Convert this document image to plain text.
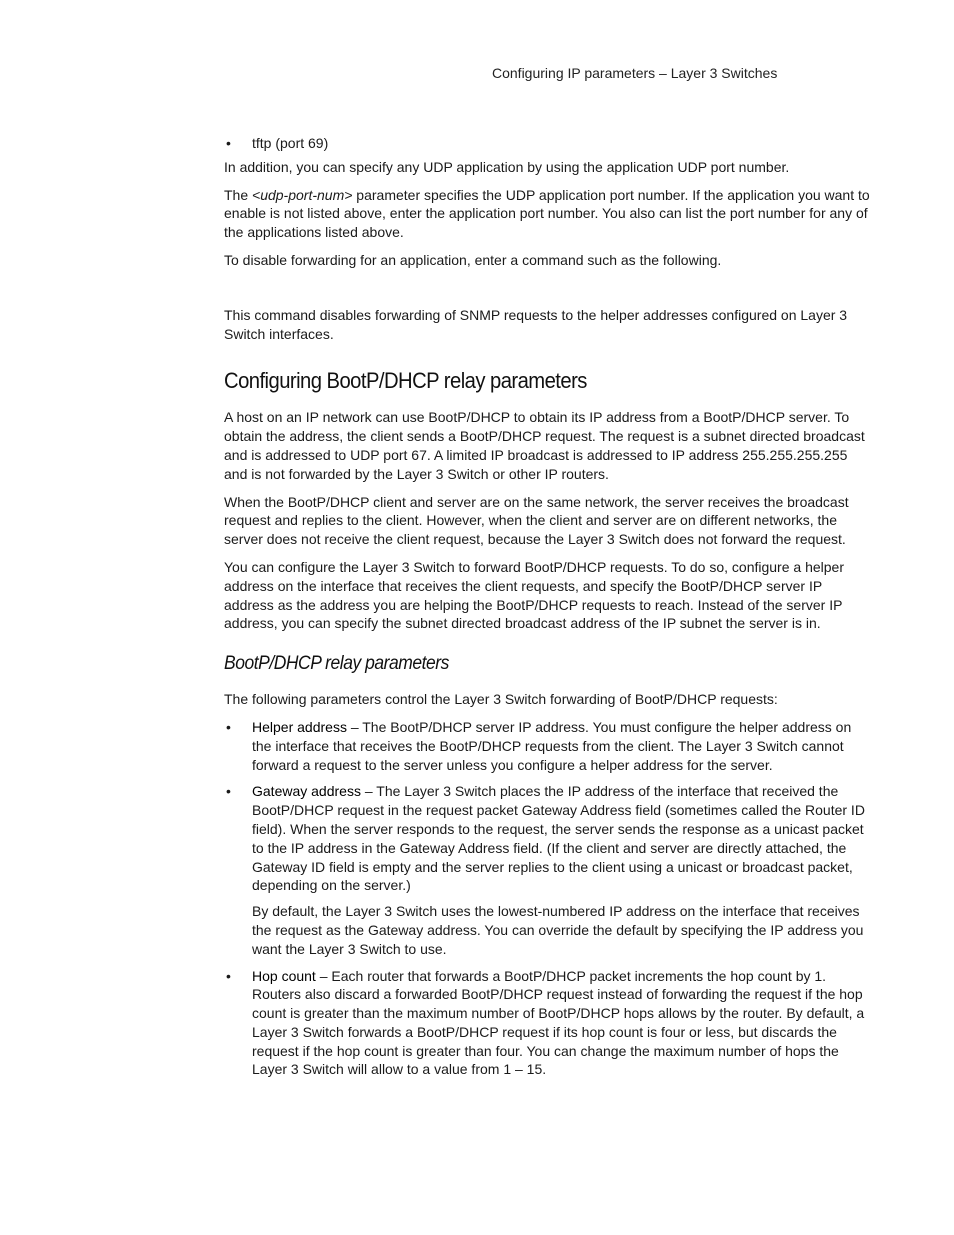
Configuring IP parameters – Layer 3 Switches
• tftp (port 69)

In addition, you can specify any UDP application by using the application UDP port number.

The <udp-port-num> parameter specifies the UDP application port number. If the application you want to enable is not listed above, enter the application port number. You also can list the port number for any of the applications listed above.

To disable forwarding for an application, enter a command such as the following.

This command disables forwarding of SNMP requests to the helper addresses configured on Layer 3 Switch interfaces.

Configuring BootP/DHCP relay parameters

A host on an IP network can use BootP/DHCP to obtain its IP address from a BootP/DHCP server. To obtain the address, the client sends a BootP/DHCP request. The request is a subnet directed broadcast and is addressed to UDP port 67. A limited IP broadcast is addressed to IP address 255.255.255.255 and is not forwarded by the Layer 3 Switch or other IP routers.

When the BootP/DHCP client and server are on the same network, the server receives the broadcast request and replies to the client. However, when the client and server are on different networks, the server does not receive the client request, because the Layer 3 Switch does not forward the request.

You can configure the Layer 3 Switch to forward BootP/DHCP requests. To do so, configure a helper address on the interface that receives the client requests, and specify the BootP/DHCP server IP address as the address you are helping the BootP/DHCP requests to reach. Instead of the server IP address, you can specify the subnet directed broadcast address of the IP subnet the server is in.

BootP/DHCP relay parameters

The following parameters control the Layer 3 Switch forwarding of BootP/DHCP requests:

• Helper address – The BootP/DHCP server IP address. You must configure the helper address on the interface that receives the BootP/DHCP requests from the client. The Layer 3 Switch cannot forward a request to the server unless you configure a helper address for the server.

• Gateway address – The Layer 3 Switch places the IP address of the interface that received the BootP/DHCP request in the request packet Gateway Address field (sometimes called the Router ID field). When the server responds to the request, the server sends the response as a unicast packet to the IP address in the Gateway Address field. (If the client and server are directly attached, the Gateway ID field is empty and the server replies to the client using a unicast or broadcast packet, depending on the server.)

By default, the Layer 3 Switch uses the lowest-numbered IP address on the interface that receives the request as the Gateway address. You can override the default by specifying the IP address you want the Layer 3 Switch to use.

• Hop count – Each router that forwards a BootP/DHCP packet increments the hop count by 1. Routers also discard a forwarded BootP/DHCP request instead of forwarding the request if the hop count is greater than the maximum number of BootP/DHCP hops allows by the router. By default, a Layer 3 Switch forwards a BootP/DHCP request if its hop count is four or less, but discards the request if the hop count is greater than four. You can change the maximum number of hops the Layer 3 Switch will allow to a value from 1 – 15.
